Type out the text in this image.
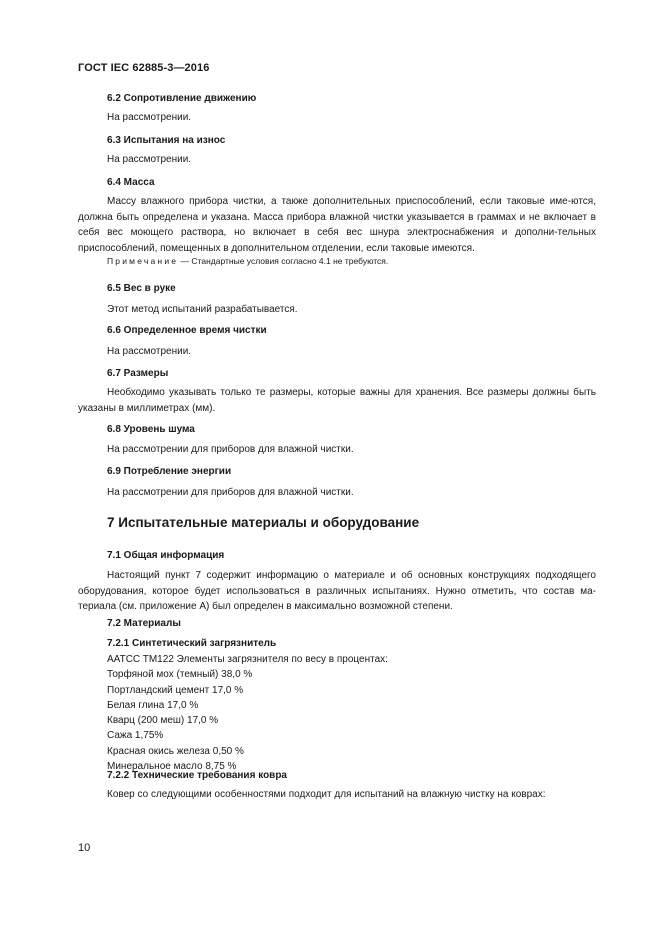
ГОСТ IEC 62885-3—2016
6.2 Сопротивление движению
На рассмотрении.
6.3 Испытания на износ
На рассмотрении.
6.4 Масса

Массу влажного прибора чистки, а также дополнительных приспособлений, если таковые име-ются, должна быть определена и указана. Масса прибора влажной чистки указывается в граммах и не включает в себя вес моющего раствора, но включает в себя вес шнура электроснабжения и дополни-тельных приспособлений, помещенных в дополнительном отделении, если таковые имеются.

Примечание — Стандартные условия согласно 4.1 не требуются.
6.5 Вес в руке
Этот метод испытаний разрабатывается.
6.6 Определенное время чистки
На рассмотрении.
6.7 Размеры

Необходимо указывать только те размеры, которые важны для хранения. Все размеры должны быть указаны в миллиметрах (мм).

6.8 Уровень шума
На рассмотрении для приборов для влажной чистки.
6.9 Потребление энергии
На рассмотрении для приборов для влажной чистки.
7 Испытательные материалы и оборудование
7.1 Общая информация

Настоящий пункт 7 содержит информацию о материале и об основных конструкциях подходящего оборудования, которое будет использоваться в различных испытаниях. Нужно отметить, что состав ма-териала (см. приложение А) был определен в максимально возможной степени.

7.2 Материалы
7.2.1 Синтетический загрязнитель
AATCC TM122 Элементы загрязнителя по весу в процентах:
Торфяной мох (темный) 38,0 %
Портландский цемент 17,0 %
Белая глина 17,0 %
Кварц (200 меш) 17,0 %
Сажа 1,75%
Красная окись железа 0,50 %
Минеральное масло 8,75 %
7.2.2 Технические требования ковра
Ковер со следующими особенностями подходит для испытаний на влажную чистку на коврах:
10
